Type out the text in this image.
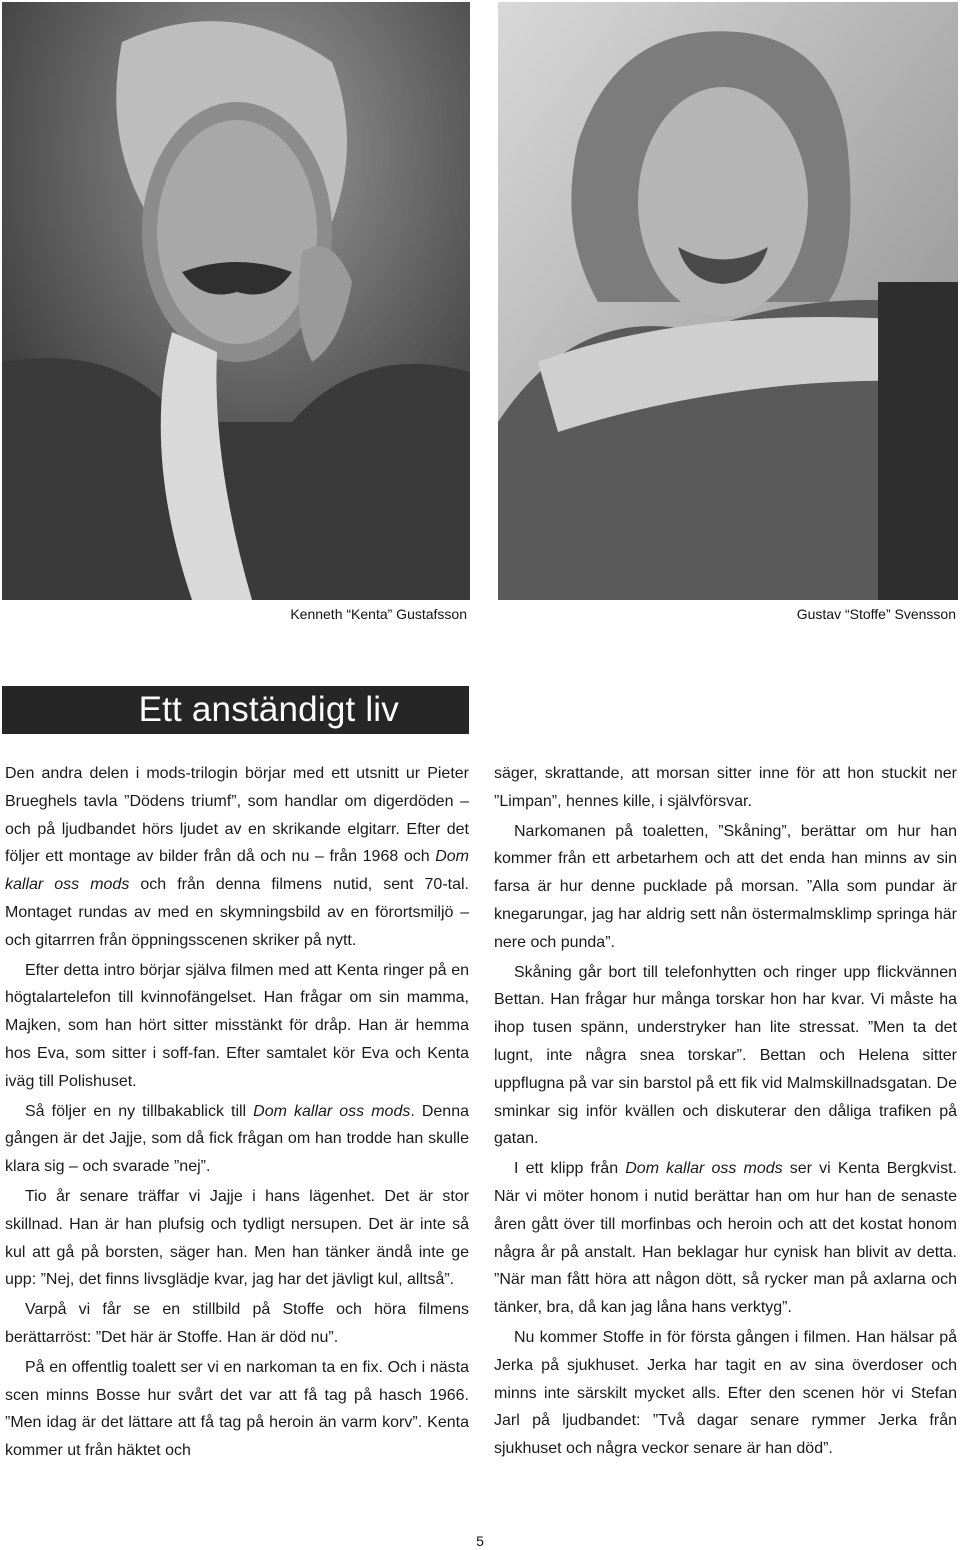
Kenneth “Kenta” Gustafsson	Gustav “Stoffe” Svensson
Ett anständigt liv

Den andra delen i mods-trilogin börjar med ett utsnitt ur Pieter Brueghels tavla ”Dödens triumf”, som handlar om digerdöden – och på ljudbandet hörs ljudet av en skrikande elgitarr. Efter det följer ett montage av bilder från då och nu – från 1968 och Dom kallar oss mods och från denna filmens nutid, sent 70-tal. Montaget rundas av med en skymningsbild av en förortsmiljö – och gitarrren från öppningsscenen skriker på nytt.

Efter detta intro börjar själva filmen med att Kenta ringer på en högtalartelefon till kvinnofängelset. Han frågar om sin mamma, Majken, som han hört sitter misstänkt för dråp. Han är hemma hos Eva, som sitter i soff-fan. Efter samtalet kör Eva och Kenta iväg till Polishuset.

Så följer en ny tillbakablick till Dom kallar oss mods. Denna gången är det Jajje, som då fick frågan om han trodde han skulle klara sig – och svarade ”nej”.

Tio år senare träffar vi Jajje i hans lägenhet. Det är stor skillnad. Han är han plufsig och tydligt nersupen. Det är inte så kul att gå på borsten, säger han. Men han tänker ändå inte ge upp: ”Nej, det finns livsglädje kvar, jag har det jävligt kul, alltså”.

Varpå vi får se en stillbild på Stoffe och höra filmens berättarröst: ”Det här är Stoffe. Han är död nu”.

På en offentlig toalett ser vi en narkoman ta en fix. Och i nästa scen minns Bosse hur svårt det var att få tag på hasch 1966. ”Men idag är det lättare att få tag på heroin än varm korv”. Kenta kommer ut från häktet och

säger, skrattande, att morsan sitter inne för att hon stuckit ner ”Limpan”, hennes kille, i självförsvar.

Narkomanen på toaletten, ”Skåning”, berättar om hur han kommer från ett arbetarhem och att det enda han minns av sin farsa är hur denne pucklade på morsan. ”Alla som pundar är knegarungar, jag har aldrig sett nån östermalmsklimp springa här nere och punda”.

Skåning går bort till telefonhytten och ringer upp flickvännen Bettan. Han frågar hur många torskar hon har kvar. Vi måste ha ihop tusen spänn, understryker han lite stressat. ”Men ta det lugnt, inte några snea torskar”. Bettan och Helena sitter uppflugna på var sin barstol på ett fik vid Malmskillnadsgatan. De sminkar sig inför kvällen och diskuterar den dåliga trafiken på gatan.

I ett klipp från Dom kallar oss mods ser vi Kenta Bergkvist. När vi möter honom i nutid berättar han om hur han de senaste åren gått över till morfinbas och heroin och att det kostat honom några år på anstalt. Han beklagar hur cynisk han blivit av detta. ”När man fått höra att någon dött, så rycker man på axlarna och tänker, bra, då kan jag låna hans verktyg”.

Nu kommer Stoffe in för första gången i filmen. Han hälsar på Jerka på sjukhuset. Jerka har tagit en av sina överdoser och minns inte särskilt mycket alls. Efter den scenen hör vi Stefan Jarl på ljudbandet: ”Två dagar senare rymmer Jerka från sjukhuset och några veckor senare är han död”.

5
